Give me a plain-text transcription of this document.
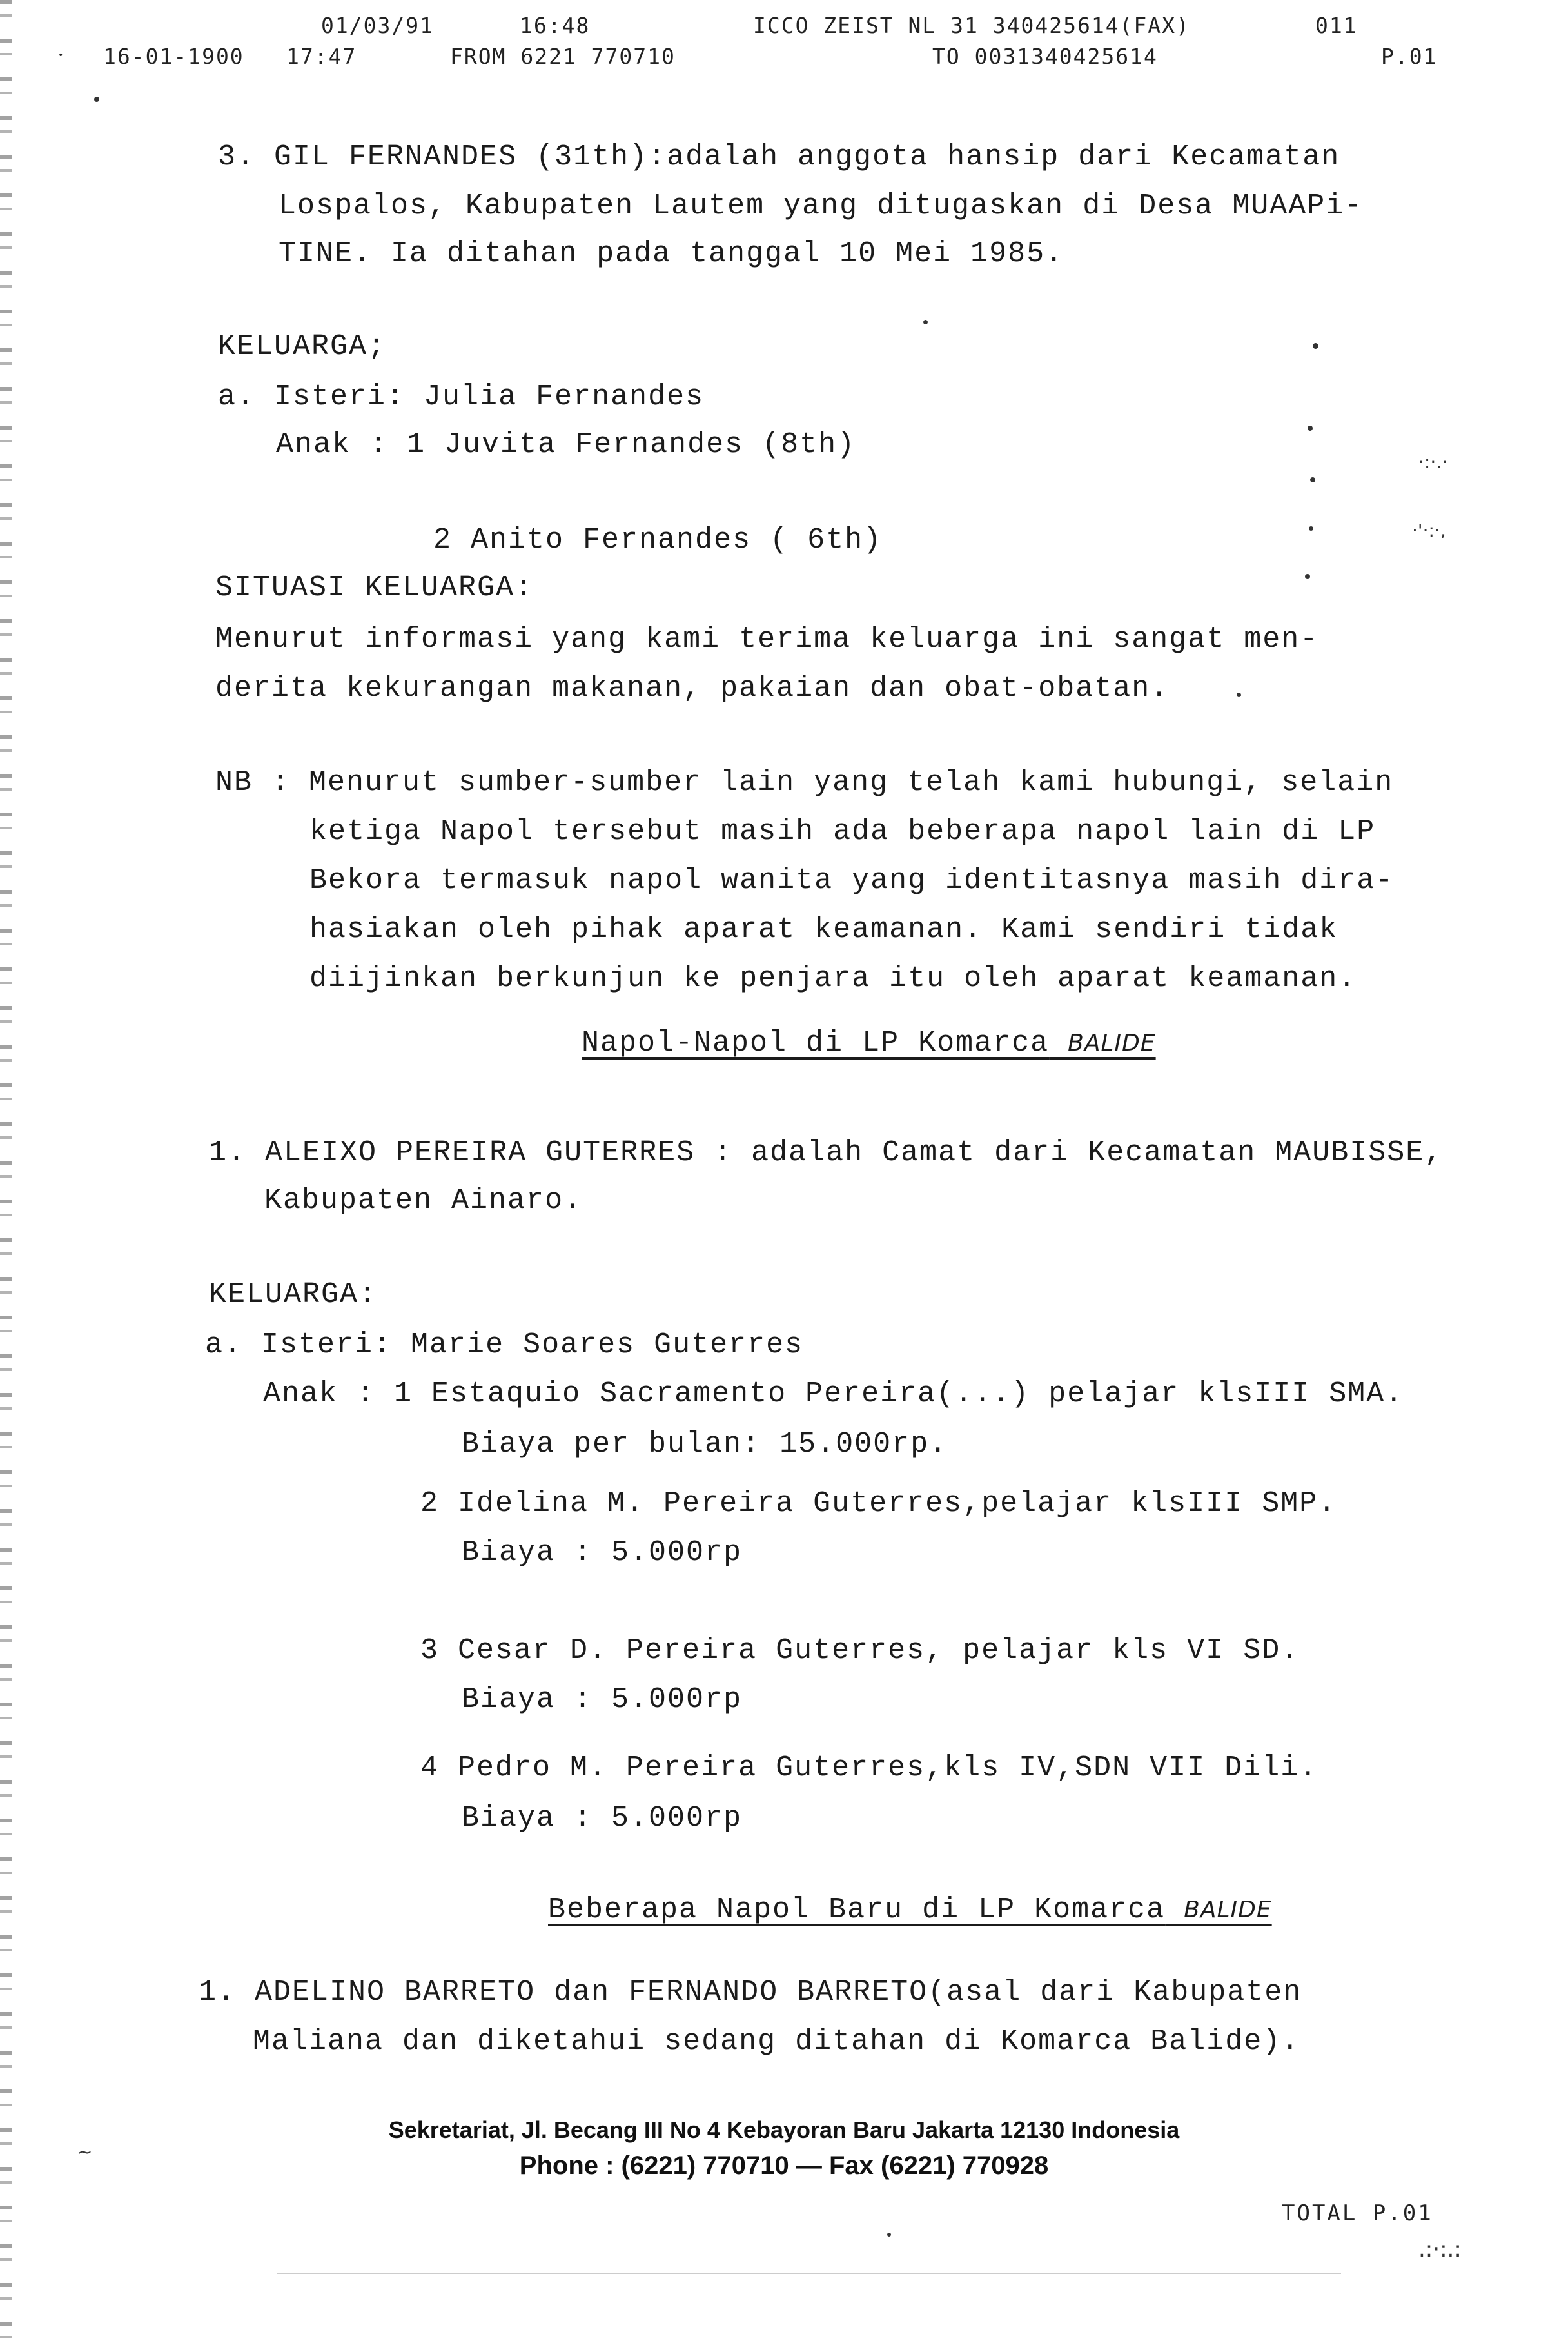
01/03/91	16:48	ICCO ZEIST NL 31 340425614(FAX)	011
• 16-01-1900 17:47	FROM 6221 770710	TO 0031340425614	P.01
3. GIL FERNANDES (31th):adalah anggota hansip dari Kecamatan
Lospalos, Kabupaten Lautem yang ditugaskan di Desa MUAAPi-
TINE. Ia ditahan pada tanggal 10 Mei 1985.
KELUARGA;
a. Isteri: Julia Fernandes
Anak : 1 Juvita Fernandes (8th)
2 Anito Fernandes ( 6th)
SITUASI KELUARGA:
Menurut informasi yang kami terima keluarga ini sangat men-
derita kekurangan makanan, pakaian dan obat-obatan.
NB : Menurut sumber-sumber lain yang telah kami hubungi, selain
ketiga Napol tersebut masih ada beberapa napol lain di LP
Bekora termasuk napol wanita yang identitasnya masih dira-
hasiakan oleh pihak aparat keamanan. Kami sendiri tidak
diijinkan berkunjun ke penjara itu oleh aparat keamanan.
Napol-Napol di LP Komarca BALIDE
1. ALEIXO PEREIRA GUTERRES : adalah Camat dari Kecamatan MAUBISSE,
Kabupaten Ainaro.
KELUARGA:
a. Isteri: Marie Soares Guterres
Anak : 1 Estaquio Sacramento Pereira(...) pelajar klsIII SMA.
Biaya per bulan: 15.000rp.
2 Idelina M. Pereira Guterres,pelajar klsIII SMP.
Biaya : 5.000rp
3 Cesar D. Pereira Guterres, pelajar kls VI SD.
Biaya : 5.000rp
4 Pedro M. Pereira Guterres,kls IV,SDN VII Dili.
Biaya : 5.000rp
Beberapa Napol Baru di LP Komarca BALIDE
1. ADELINO BARRETO dan FERNANDO BARRETO(asal dari Kabupaten
Maliana dan diketahui sedang ditahan di Komarca Balide).
Sekretariat, Jl. Becang III No 4 Kebayoran Baru Jakarta 12130 Indonesia
Phone : (6221) 770710 — Fax (6221) 770928
TOTAL P.01
·:·.·
·'·:·,
.:·:.:
~
